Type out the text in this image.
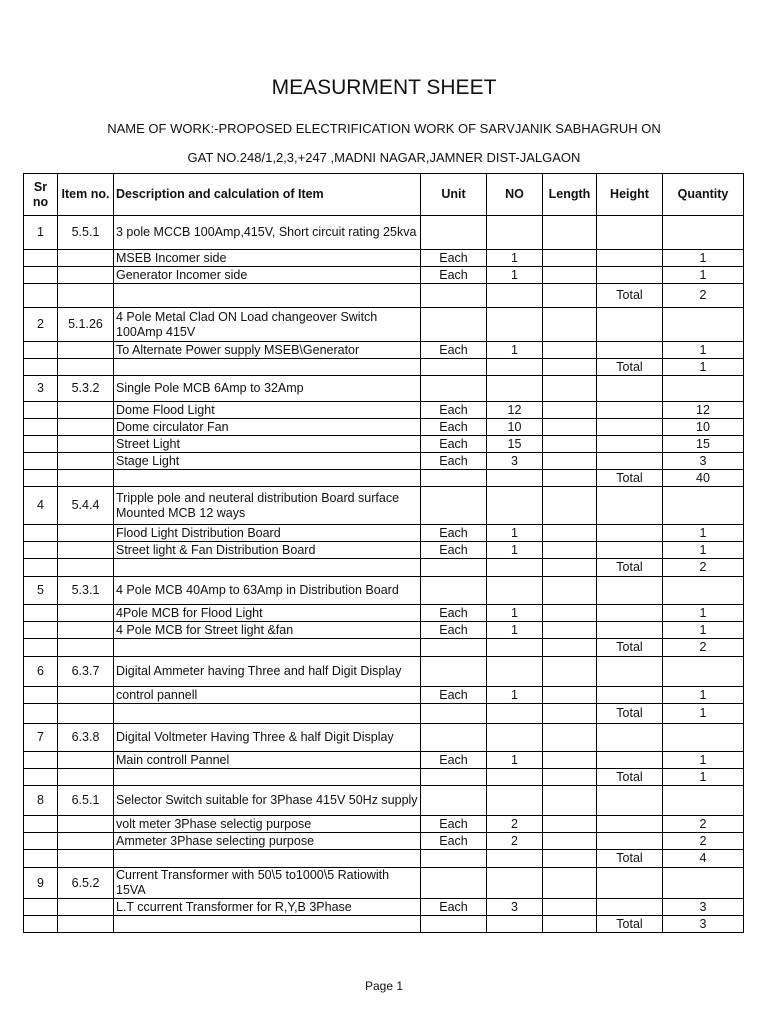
MEASURMENT SHEET
NAME OF WORK:-PROPOSED ELECTRIFICATION WORK OF SARVJANIK SABHAGRUH ON
GAT NO.248/1,2,3,+247 ,MADNI NAGAR,JAMNER DIST-JALGAON
Sr no	Item no.	Description and calculation of Item	Unit	NO	Length	Height	Quantity
1	5.5.1	3 pole MCCB 100Amp,415V, Short circuit rating 25kva					
		MSEB Incomer side	Each	1			1
		Generator Incomer side	Each	1			1
						Total	2
2	5.1.26	4 Pole Metal Clad ON Load changeover Switch 100Amp 415V					
		To Alternate Power supply MSEB\Generator	Each	1			1
						Total	1
3	5.3.2	Single Pole MCB 6Amp to 32Amp					
		Dome Flood Light	Each	12			12
		Dome circulator Fan	Each	10			10
		Street Light	Each	15			15
		Stage Light	Each	3			3
						Total	40
4	5.4.4	Tripple pole and neuteral distribution Board surface Mounted MCB 12 ways					
		Flood Light Distribution Board	Each	1			1
		Street light & Fan Distribution Board	Each	1			1
						Total	2
5	5.3.1	4 Pole MCB 40Amp to 63Amp in Distribution Board					
		4Pole MCB for Flood Light	Each	1			1
		4 Pole MCB for Street light &fan	Each	1			1
						Total	2
6	6.3.7	Digital Ammeter having Three and half Digit Display					
		control pannell	Each	1			1
						Total	1
7	6.3.8	Digital Voltmeter Having Three & half Digit Display					
		Main controll Pannel	Each	1			1
						Total	1
8	6.5.1	Selector Switch suitable for 3Phase 415V 50Hz supply					
		volt meter 3Phase selectig purpose	Each	2			2
		Ammeter 3Phase selecting purpose	Each	2			2
						Total	4
9	6.5.2	Current Transformer with 50\5 to1000\5 Ratiowith 15VA					
		L.T ccurrent Transformer for R,Y,B 3Phase	Each	3			3
						Total	3
Page 1
